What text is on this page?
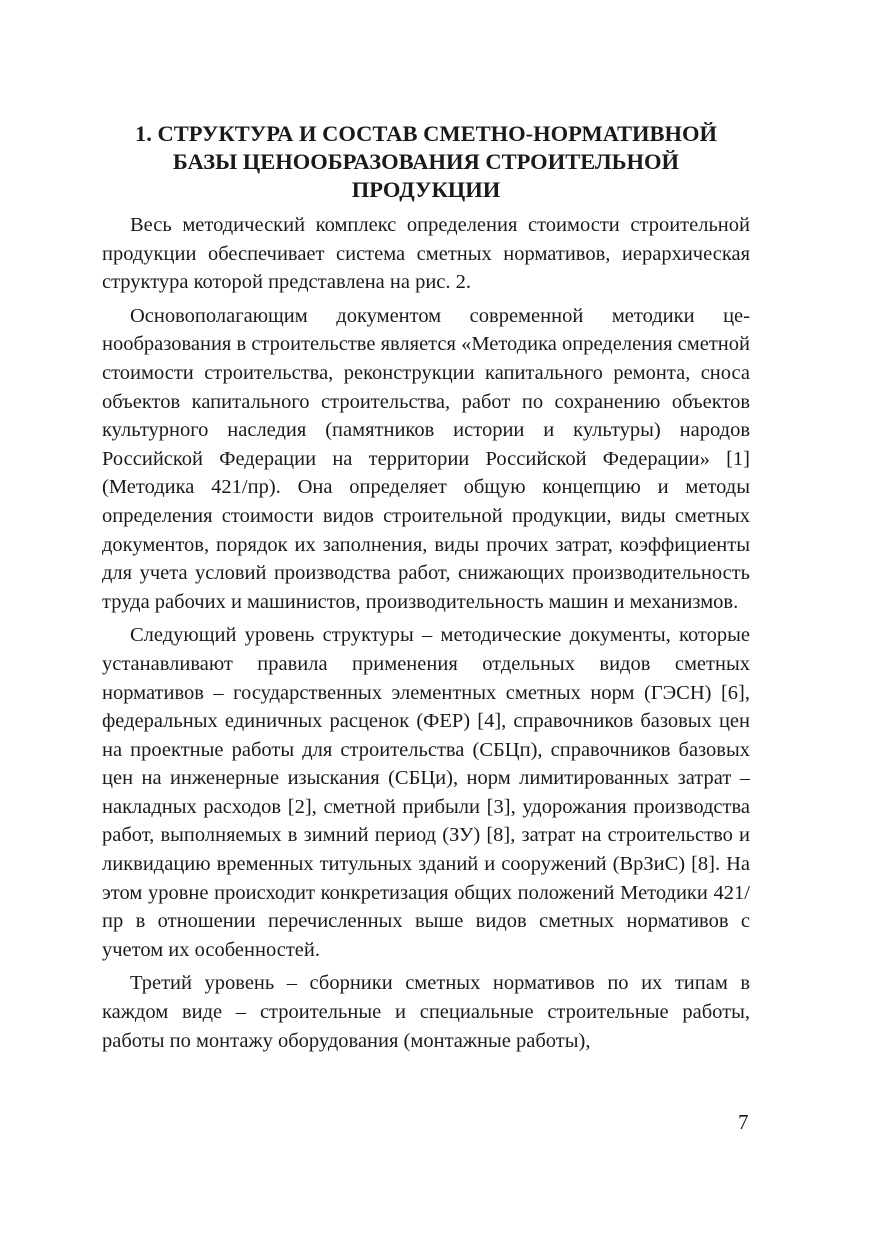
1. СТРУКТУРА И СОСТАВ СМЕТНО-НОРМАТИВНОЙ
БАЗЫ ЦЕНООБРАЗОВАНИЯ СТРОИТЕЛЬНОЙ
ПРОДУКЦИИ

Весь методический комплекс определения стоимости строительной продукции обеспечивает система сметных нормативов, иерархическая структура которой представлена на рис. 2.

Основополагающим документом современной методики ценообразования в строительстве является «Методика определения сметной стоимости строительства, реконструкции капитального ремонта, сноса объектов капитального строительства, работ по сохранению объектов культурного наследия (памятников истории и культуры) народов Российской Федерации на территории Российской Федерации» [1] (Методика 421/пр). Она определяет общую концепцию и методы определения стоимости видов строительной продукции, виды сметных документов, порядок их заполнения, виды прочих затрат, коэффициенты для учета условий производства работ, снижающих производительность труда рабочих и машинистов, производительность машин и механизмов.

Следующий уровень структуры – методические документы, которые устанавливают правила применения отдельных видов сметных нормативов – государственных элементных сметных норм (ГЭСН) [6], федеральных единичных расценок (ФЕР) [4], справочников базовых цен на проектные работы для строительства (СБЦп), справочников базовых цен на инженерные изыскания (СБЦи), норм лимитированных затрат – накладных расходов [2], сметной прибыли [3], удорожания производства работ, выполняемых в зимний период (ЗУ) [8], затрат на строительство и ликвидацию временных титульных зданий и сооружений (ВрЗиС) [8]. На этом уровне происходит конкретизация общих положений Методики 421/пр в отношении перечисленных выше видов сметных нормативов с учетом их особенностей.

Третий уровень – сборники сметных нормативов по их типам в каждом виде – строительные и специальные строительные работы, работы по монтажу оборудования (монтажные работы),

7
